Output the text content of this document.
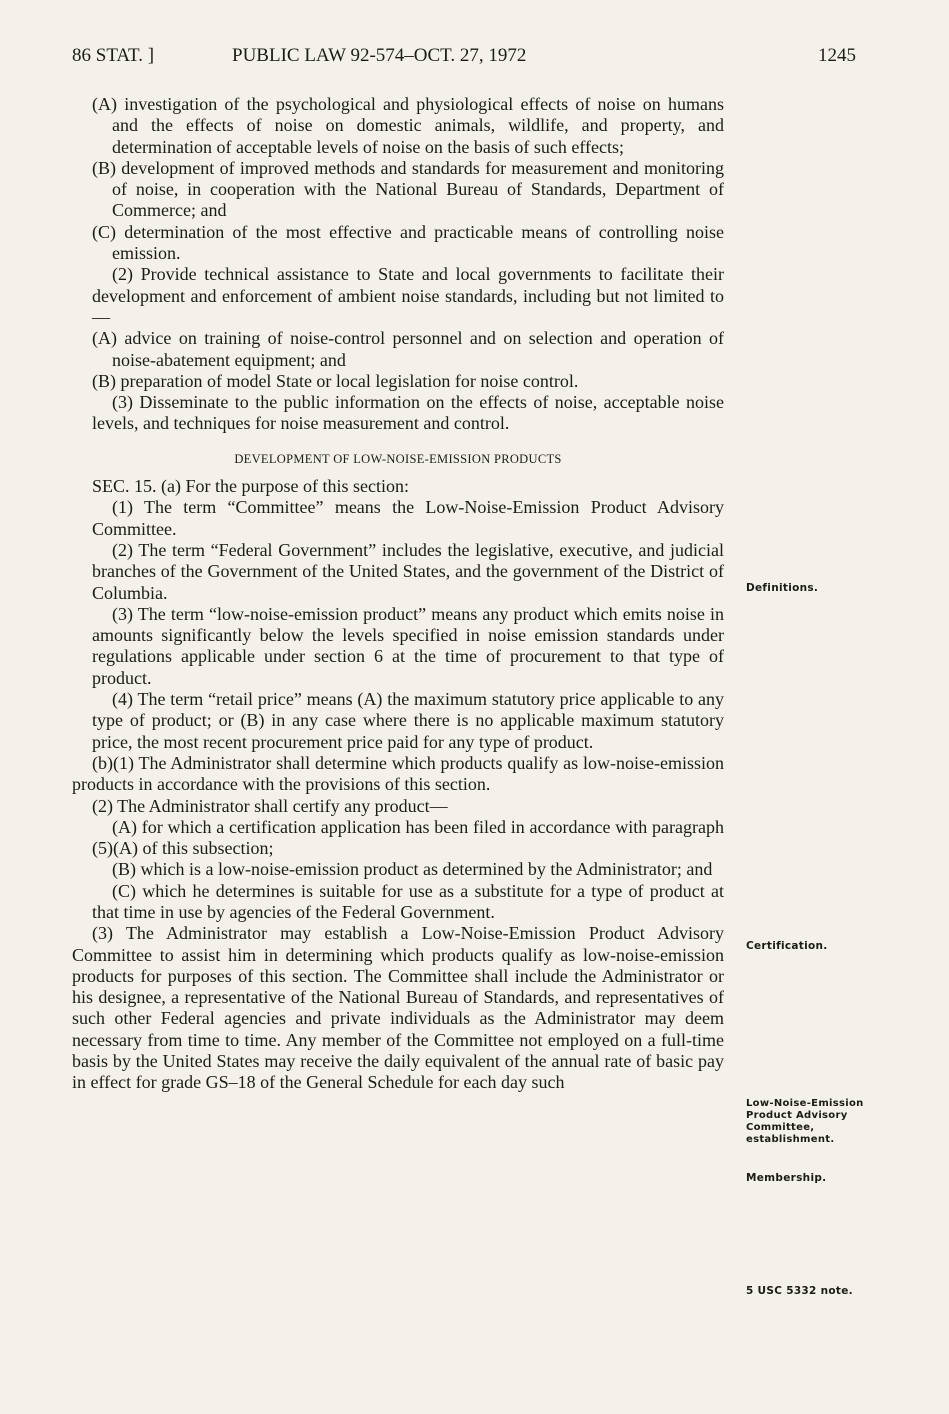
86 STAT. ]	PUBLIC LAW 92-574–OCT. 27, 1972	1245

(A) investigation of the psychological and physiological effects of noise on humans and the effects of noise on domestic animals, wildlife, and property, and determination of acceptable levels of noise on the basis of such effects;

(B) development of improved methods and standards for measurement and monitoring of noise, in cooperation with the National Bureau of Standards, Department of Commerce; and

(C) determination of the most effective and practicable means of controlling noise emission.

(2) Provide technical assistance to State and local governments to facilitate their development and enforcement of ambient noise standards, including but not limited to—

(A) advice on training of noise-control personnel and on selection and operation of noise-abatement equipment; and

(B) preparation of model State or local legislation for noise control.

(3) Disseminate to the public information on the effects of noise, acceptable noise levels, and techniques for noise measurement and control.

DEVELOPMENT OF LOW-NOISE-EMISSION PRODUCTS

SEC. 15. (a) For the purpose of this section:

(1) The term “Committee” means the Low-Noise-Emission Product Advisory Committee.

(2) The term “Federal Government” includes the legislative, executive, and judicial branches of the Government of the United States, and the government of the District of Columbia.

(3) The term “low-noise-emission product” means any product which emits noise in amounts significantly below the levels specified in noise emission standards under regulations applicable under section 6 at the time of procurement to that type of product.

(4) The term “retail price” means (A) the maximum statutory price applicable to any type of product; or (B) in any case where there is no applicable maximum statutory price, the most recent procurement price paid for any type of product.

(b)(1) The Administrator shall determine which products qualify as low-noise-emission products in accordance with the provisions of this section.

(2) The Administrator shall certify any product—

(A) for which a certification application has been filed in accordance with paragraph (5)(A) of this subsection;

(B) which is a low-noise-emission product as determined by the Administrator; and

(C) which he determines is suitable for use as a substitute for a type of product at that time in use by agencies of the Federal Government.

(3) The Administrator may establish a Low-Noise-Emission Product Advisory Committee to assist him in determining which products qualify as low-noise-emission products for purposes of this section. The Committee shall include the Administrator or his designee, a representative of the National Bureau of Standards, and representatives of such other Federal agencies and private individuals as the Administrator may deem necessary from time to time. Any member of the Committee not employed on a full-time basis by the United States may receive the daily equivalent of the annual rate of basic pay in effect for grade GS–18 of the General Schedule for each day such

Definitions.
Certification.
Low-Noise-Emission Product Advisory Committee, establishment.
Membership.
5 USC 5332 note.
